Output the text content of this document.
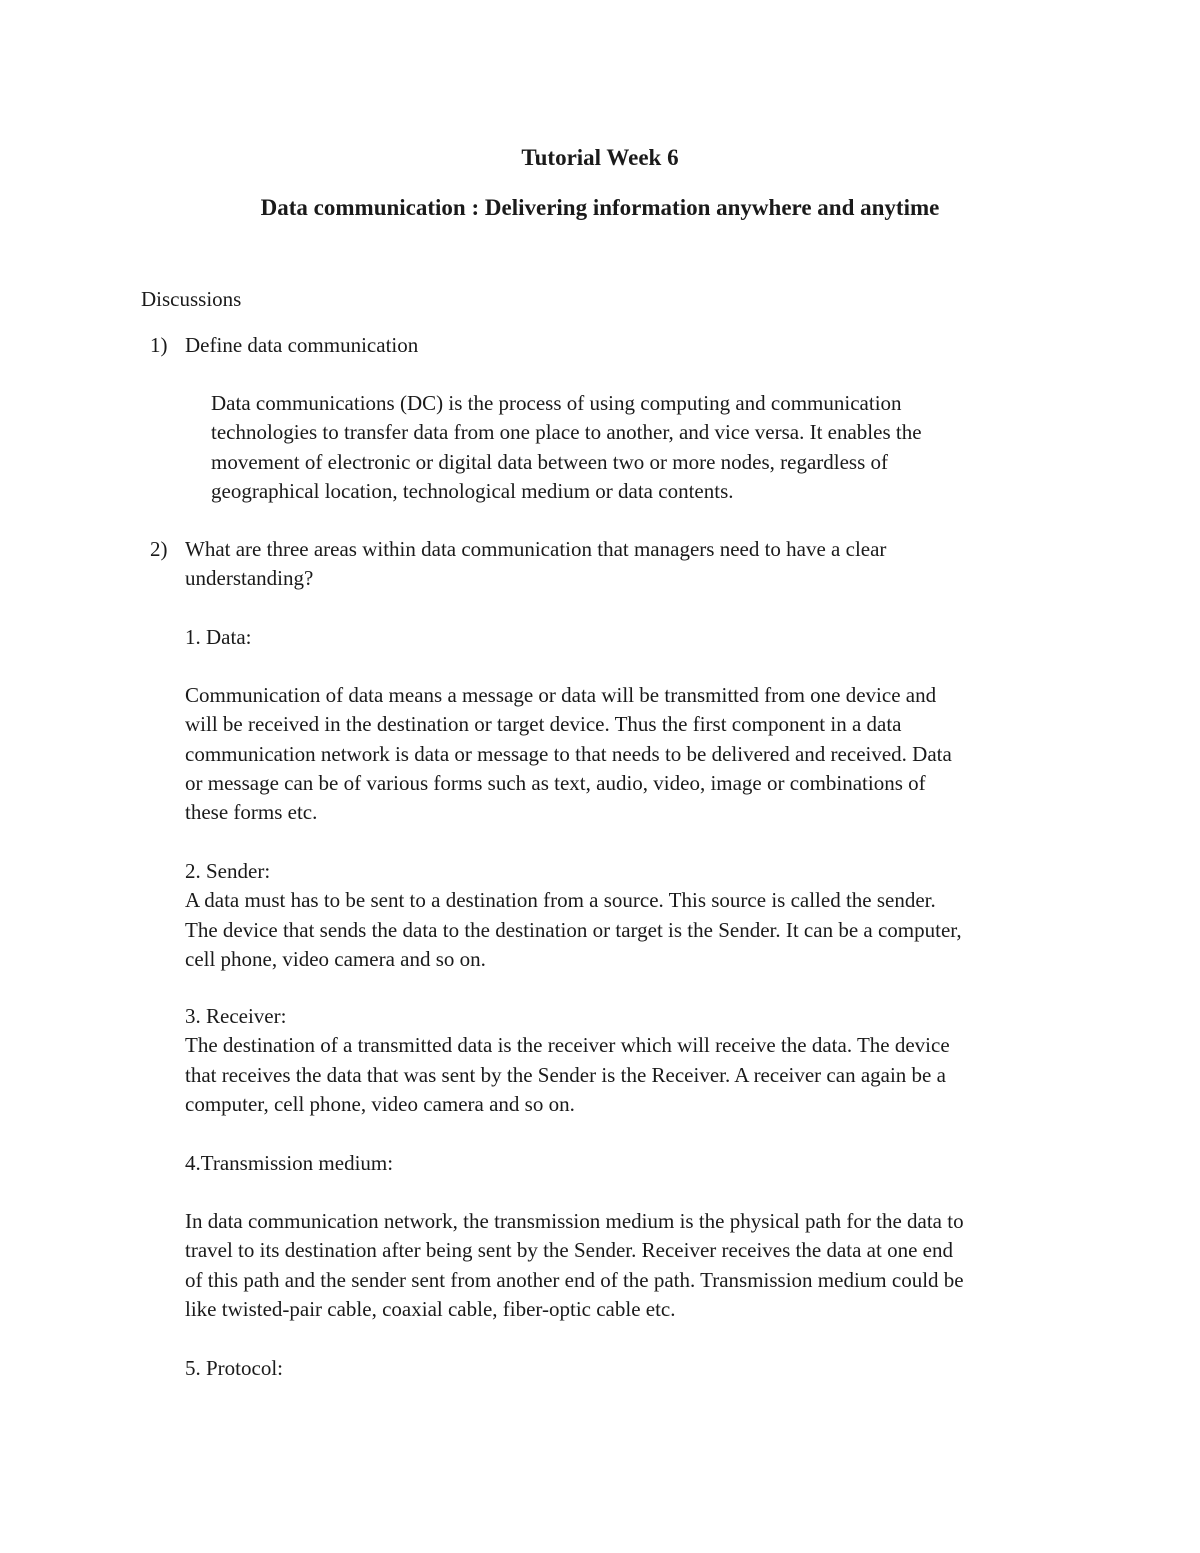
Tutorial Week 6
Data communication : Delivering information anywhere and anytime
Discussions
1) Define data communication
Data communications (DC) is the process of using computing and communication
technologies to transfer data from one place to another, and vice versa. It enables the
movement of electronic or digital data between two or more nodes, regardless of
geographical location, technological medium or data contents.
2) What are three areas within data communication that managers need to have a clear
understanding?
1. Data:
Communication of data means a message or data will be transmitted from one device and
will be received in the destination or target device. Thus the first component in a data
communication network is data or message to that needs to be delivered and received. Data
or message can be of various forms such as text, audio, video, image or combinations of
these forms etc.
2. Sender:
A data must has to be sent to a destination from a source. This source is called the sender.
The device that sends the data to the destination or target is the Sender. It can be a computer,
cell phone, video camera and so on.
3. Receiver:
The destination of a transmitted data is the receiver which will receive the data. The device
that receives the data that was sent by the Sender is the Receiver. A receiver can again be a
computer, cell phone, video camera and so on.
4.Transmission medium:
In data communication network, the transmission medium is the physical path for the data to
travel to its destination after being sent by the Sender. Receiver receives the data at one end
of this path and the sender sent from another end of the path. Transmission medium could be
like twisted-pair cable, coaxial cable, fiber-optic cable etc.
5. Protocol:
